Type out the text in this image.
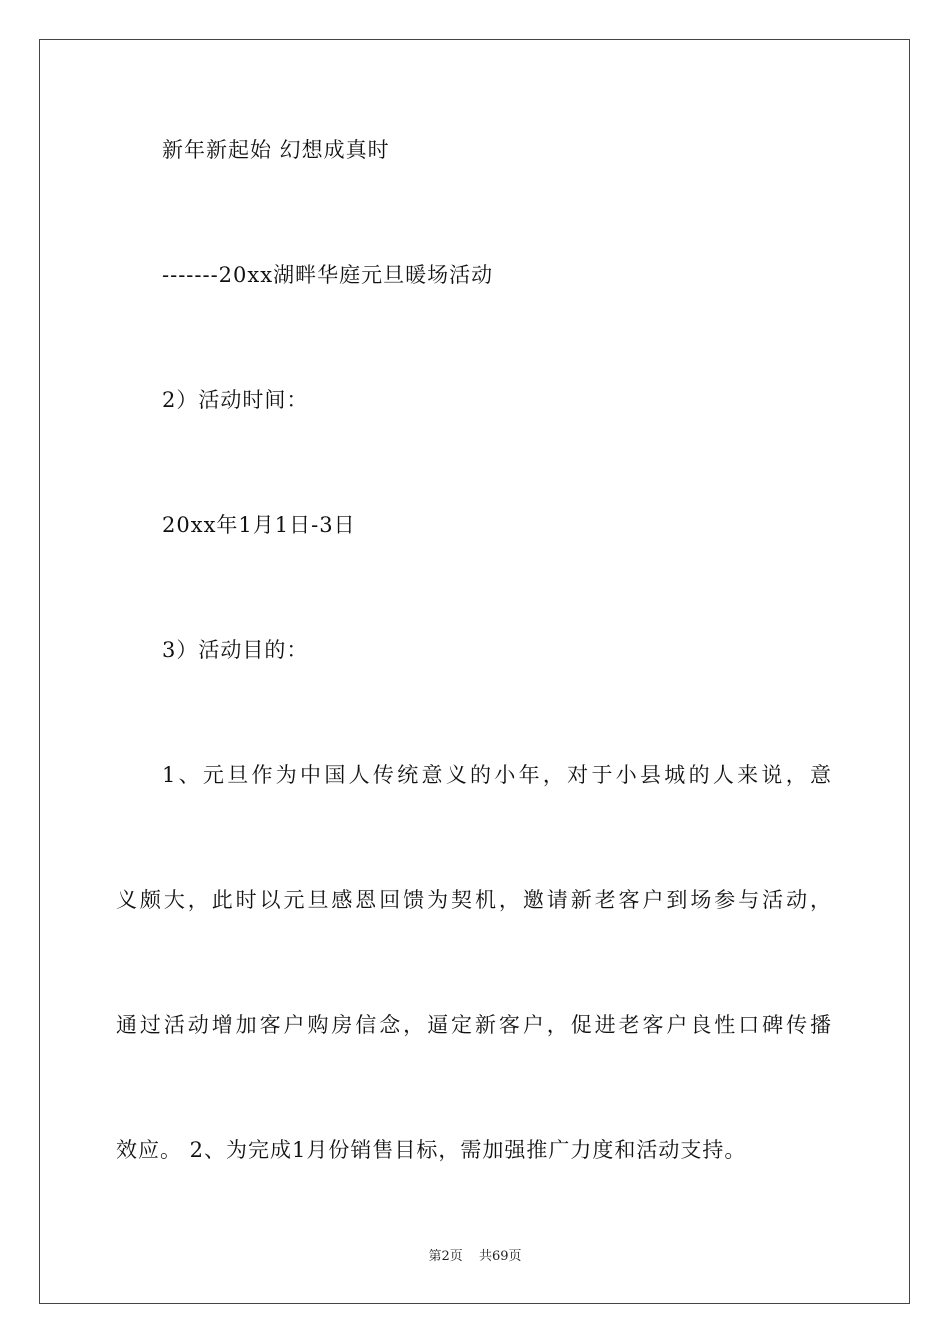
新年新起始 幻想成真时
-------20xx湖畔华庭元旦暖场活动
2）活动时间：
20xx年1月1日-3日
3）活动目的：
1、元旦作为中国人传统意义的小年，对于小县城的人来说，意
义颇大，此时以元旦感恩回馈为契机，邀请新老客户到场参与活动，
通过活动增加客户购房信念，逼定新客户，促进老客户良性口碑传播
效应。 2、为完成1月份销售目标，需加强推广力度和活动支持。
第2页 共69页
